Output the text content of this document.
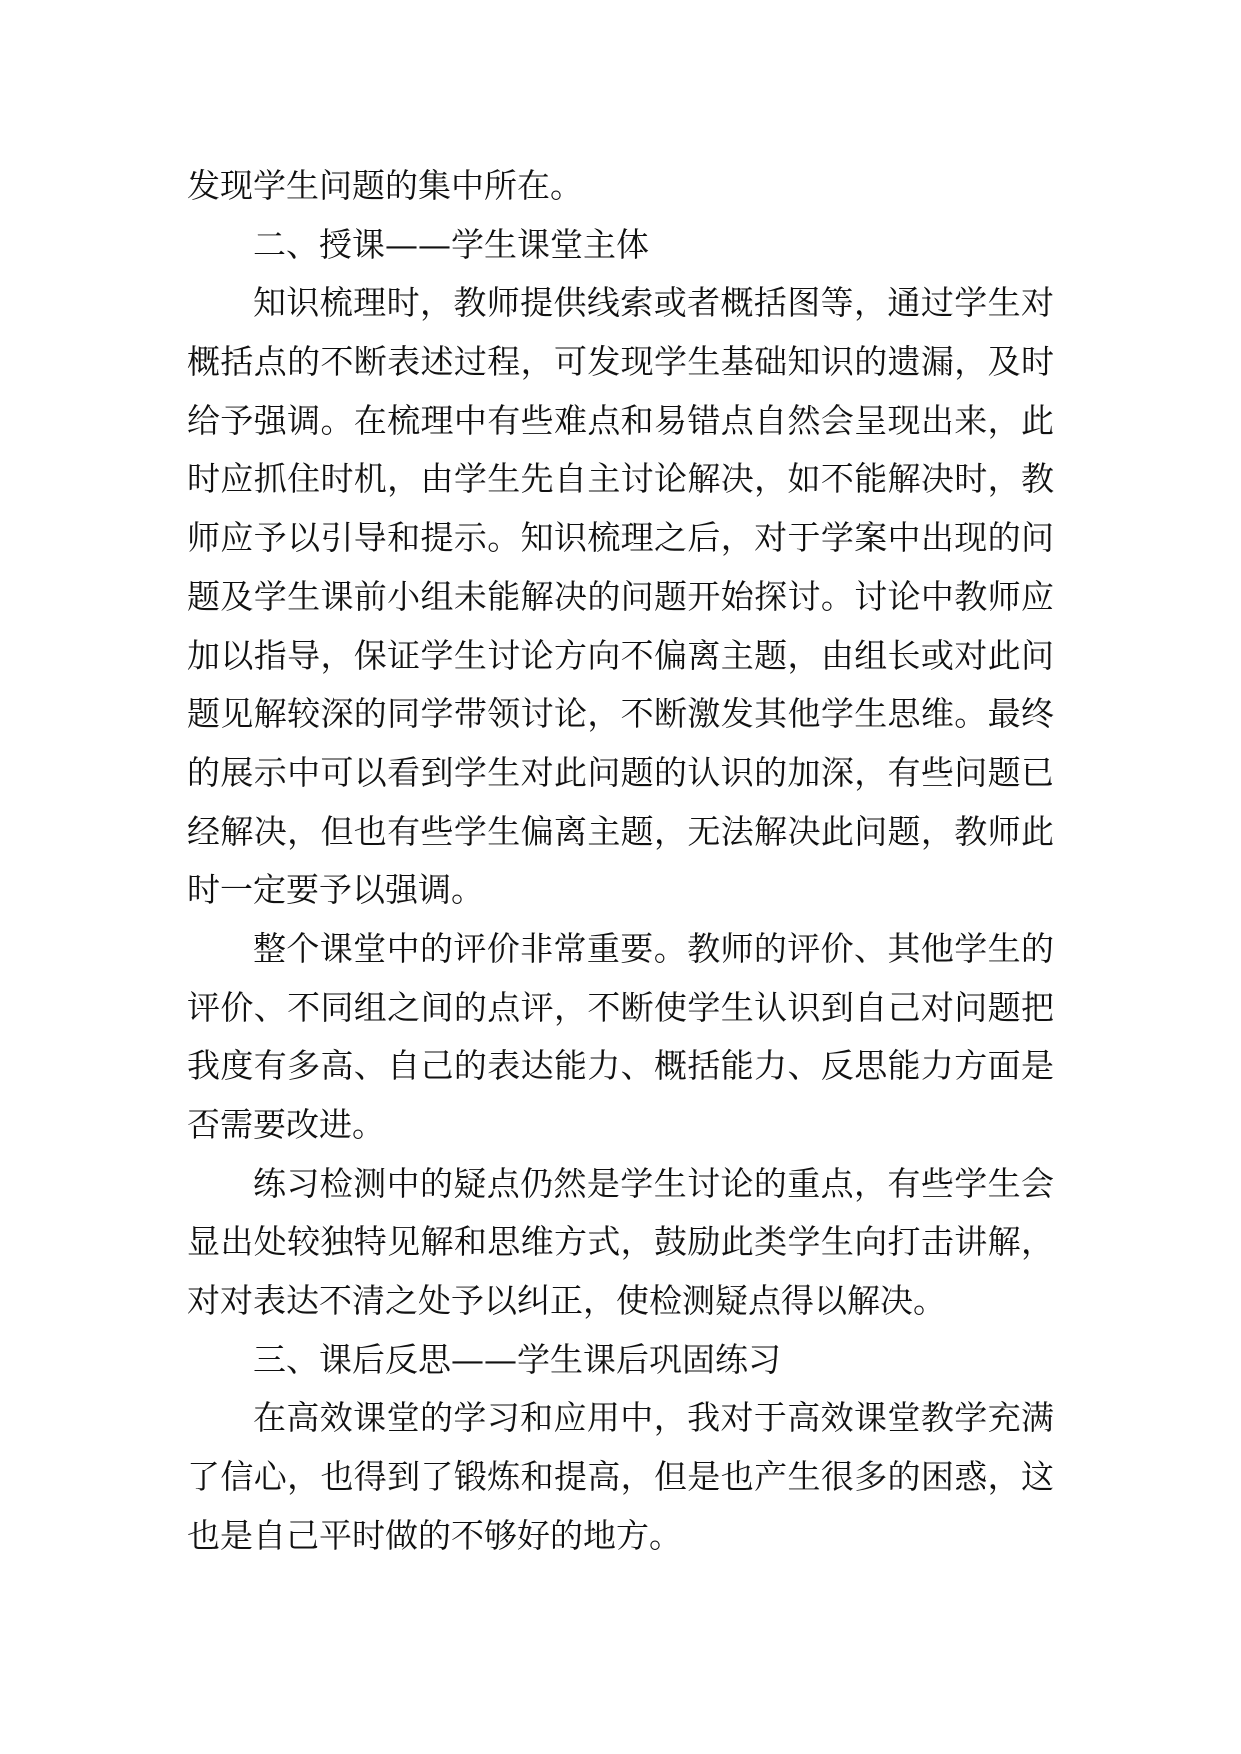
发现学生问题的集中所在。
二、授课——学生课堂主体
知识梳理时，教师提供线索或者概括图等，通过学生对
概括点的不断表述过程，可发现学生基础知识的遗漏，及时
给予强调。在梳理中有些难点和易错点自然会呈现出来，此
时应抓住时机，由学生先自主讨论解决，如不能解决时，教
师应予以引导和提示。知识梳理之后，对于学案中出现的问
题及学生课前小组未能解决的问题开始探讨。讨论中教师应
加以指导，保证学生讨论方向不偏离主题，由组长或对此问
题见解较深的同学带领讨论，不断激发其他学生思维。最终
的展示中可以看到学生对此问题的认识的加深，有些问题已
经解决，但也有些学生偏离主题，无法解决此问题，教师此
时一定要予以强调。
整个课堂中的评价非常重要。教师的评价、其他学生的
评价、不同组之间的点评，不断使学生认识到自己对问题把
我度有多高、自己的表达能力、概括能力、反思能力方面是
否需要改进。
练习检测中的疑点仍然是学生讨论的重点，有些学生会
显出处较独特见解和思维方式，鼓励此类学生向打击讲解，
对对表达不清之处予以纠正，使检测疑点得以解决。
三、课后反思——学生课后巩固练习
在高效课堂的学习和应用中，我对于高效课堂教学充满
了信心，也得到了锻炼和提高，但是也产生很多的困惑，这
也是自己平时做的不够好的地方。
